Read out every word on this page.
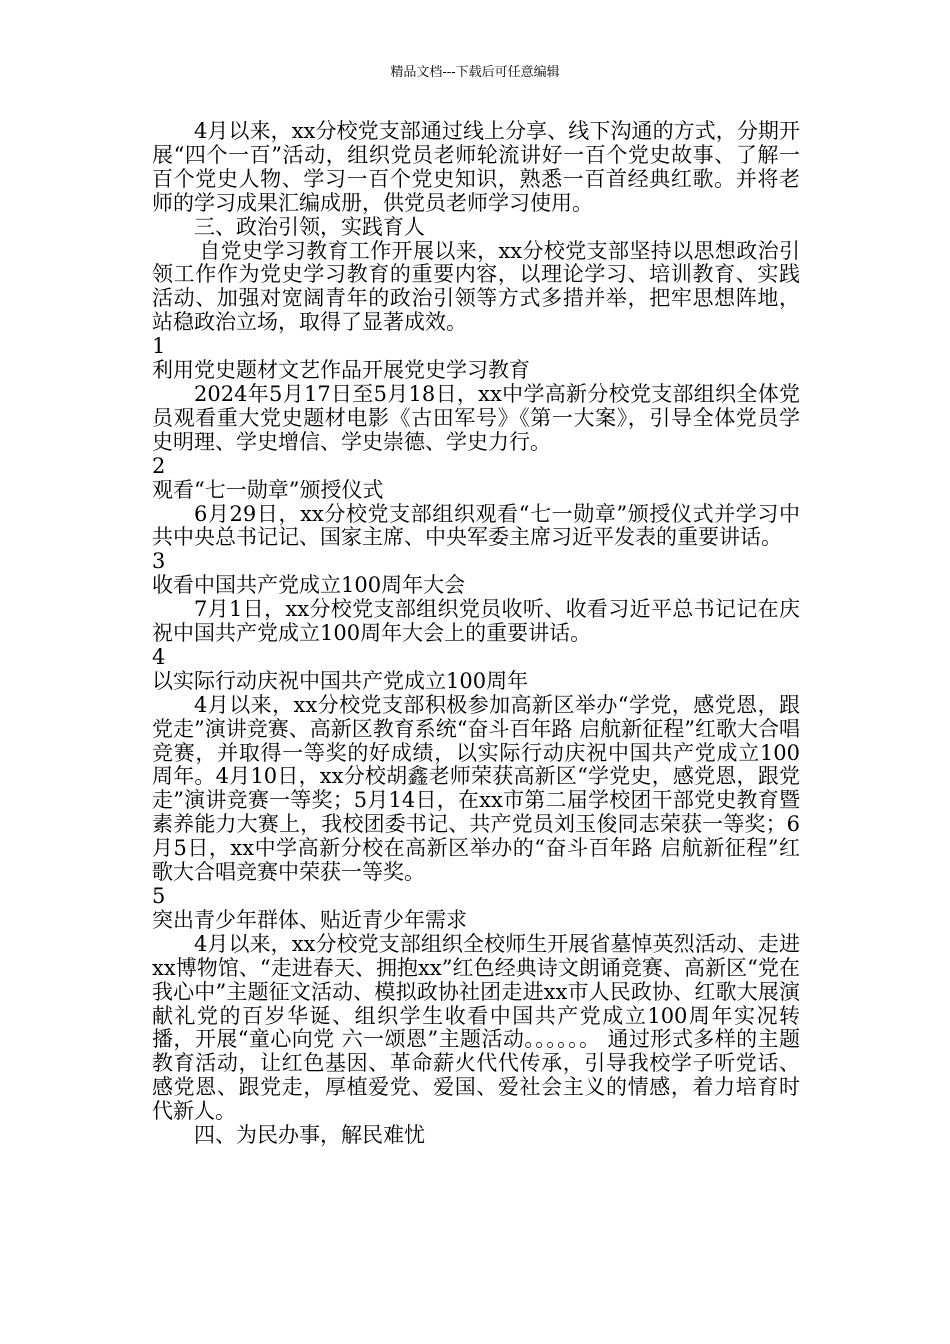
精品文档---下载后可任意编辑

4月以来，xx分校党支部通过线上分享、线下沟通的方式，分期开展“四个一百”活动，组织党员老师轮流讲好一百个党史故事、了解一百个党史人物、学习一百个党史知识，熟悉一百首经典红歌。并将老师的学习成果汇编成册，供党员老师学习使用。

三、政治引领，实践育人

自党史学习教育工作开展以来，xx分校党支部坚持以思想政治引领工作作为党史学习教育的重要内容，以理论学习、培训教育、实践活动、加强对宽阔青年的政治引领等方式多措并举，把牢思想阵地，站稳政治立场，取得了显著成效。

1

利用党史题材文艺作品开展党史学习教育

2024年5月17日至5月18日，xx中学高新分校党支部组织全体党员观看重大党史题材电影《古田军号》《第一大案》，引导全体党员学史明理、学史增信、学史崇德、学史力行。

2

观看“七一勋章”颁授仪式

6月29日，xx分校党支部组织观看“七一勋章”颁授仪式并学习中共中央总书记记、国家主席、中央军委主席习近平发表的重要讲话。

3

收看中国共产党成立100周年大会

7月1日，xx分校党支部组织党员收听、收看习近平总书记记在庆祝中国共产党成立100周年大会上的重要讲话。

4

以实际行动庆祝中国共产党成立100周年

4月以来，xx分校党支部积极参加高新区举办“学党，感党恩，跟党走”演讲竞赛、高新区教育系统“奋斗百年路 启航新征程”红歌大合唱竞赛，并取得一等奖的好成绩，以实际行动庆祝中国共产党成立100周年。4月10日，xx分校胡鑫老师荣获高新区“学党史，感党恩，跟党走”演讲竞赛一等奖；5月14日，在xx市第二届学校团干部党史教育暨素养能力大赛上，我校团委书记、共产党员刘玉俊同志荣获一等奖；6月5日，xx中学高新分校在高新区举办的“奋斗百年路 启航新征程”红歌大合唱竞赛中荣获一等奖。

5

突出青少年群体、贴近青少年需求

4月以来，xx分校党支部组织全校师生开展省墓悼英烈活动、走进xx博物馆、“走进春天、拥抱xx”红色经典诗文朗诵竞赛、高新区“党在我心中”主题征文活动、模拟政协社团走进xx市人民政协、红歌大展演献礼党的百岁华诞、组织学生收看中国共产党成立100周年实况转播，开展“童心向党 六一颂恩”主题活动。。。。。。 通过形式多样的主题教育活动，让红色基因、革命薪火代代传承，引导我校学子听党话、感党恩、跟党走，厚植爱党、爱国、爱社会主义的情感，着力培育时代新人。

四、为民办事，解民难忧
